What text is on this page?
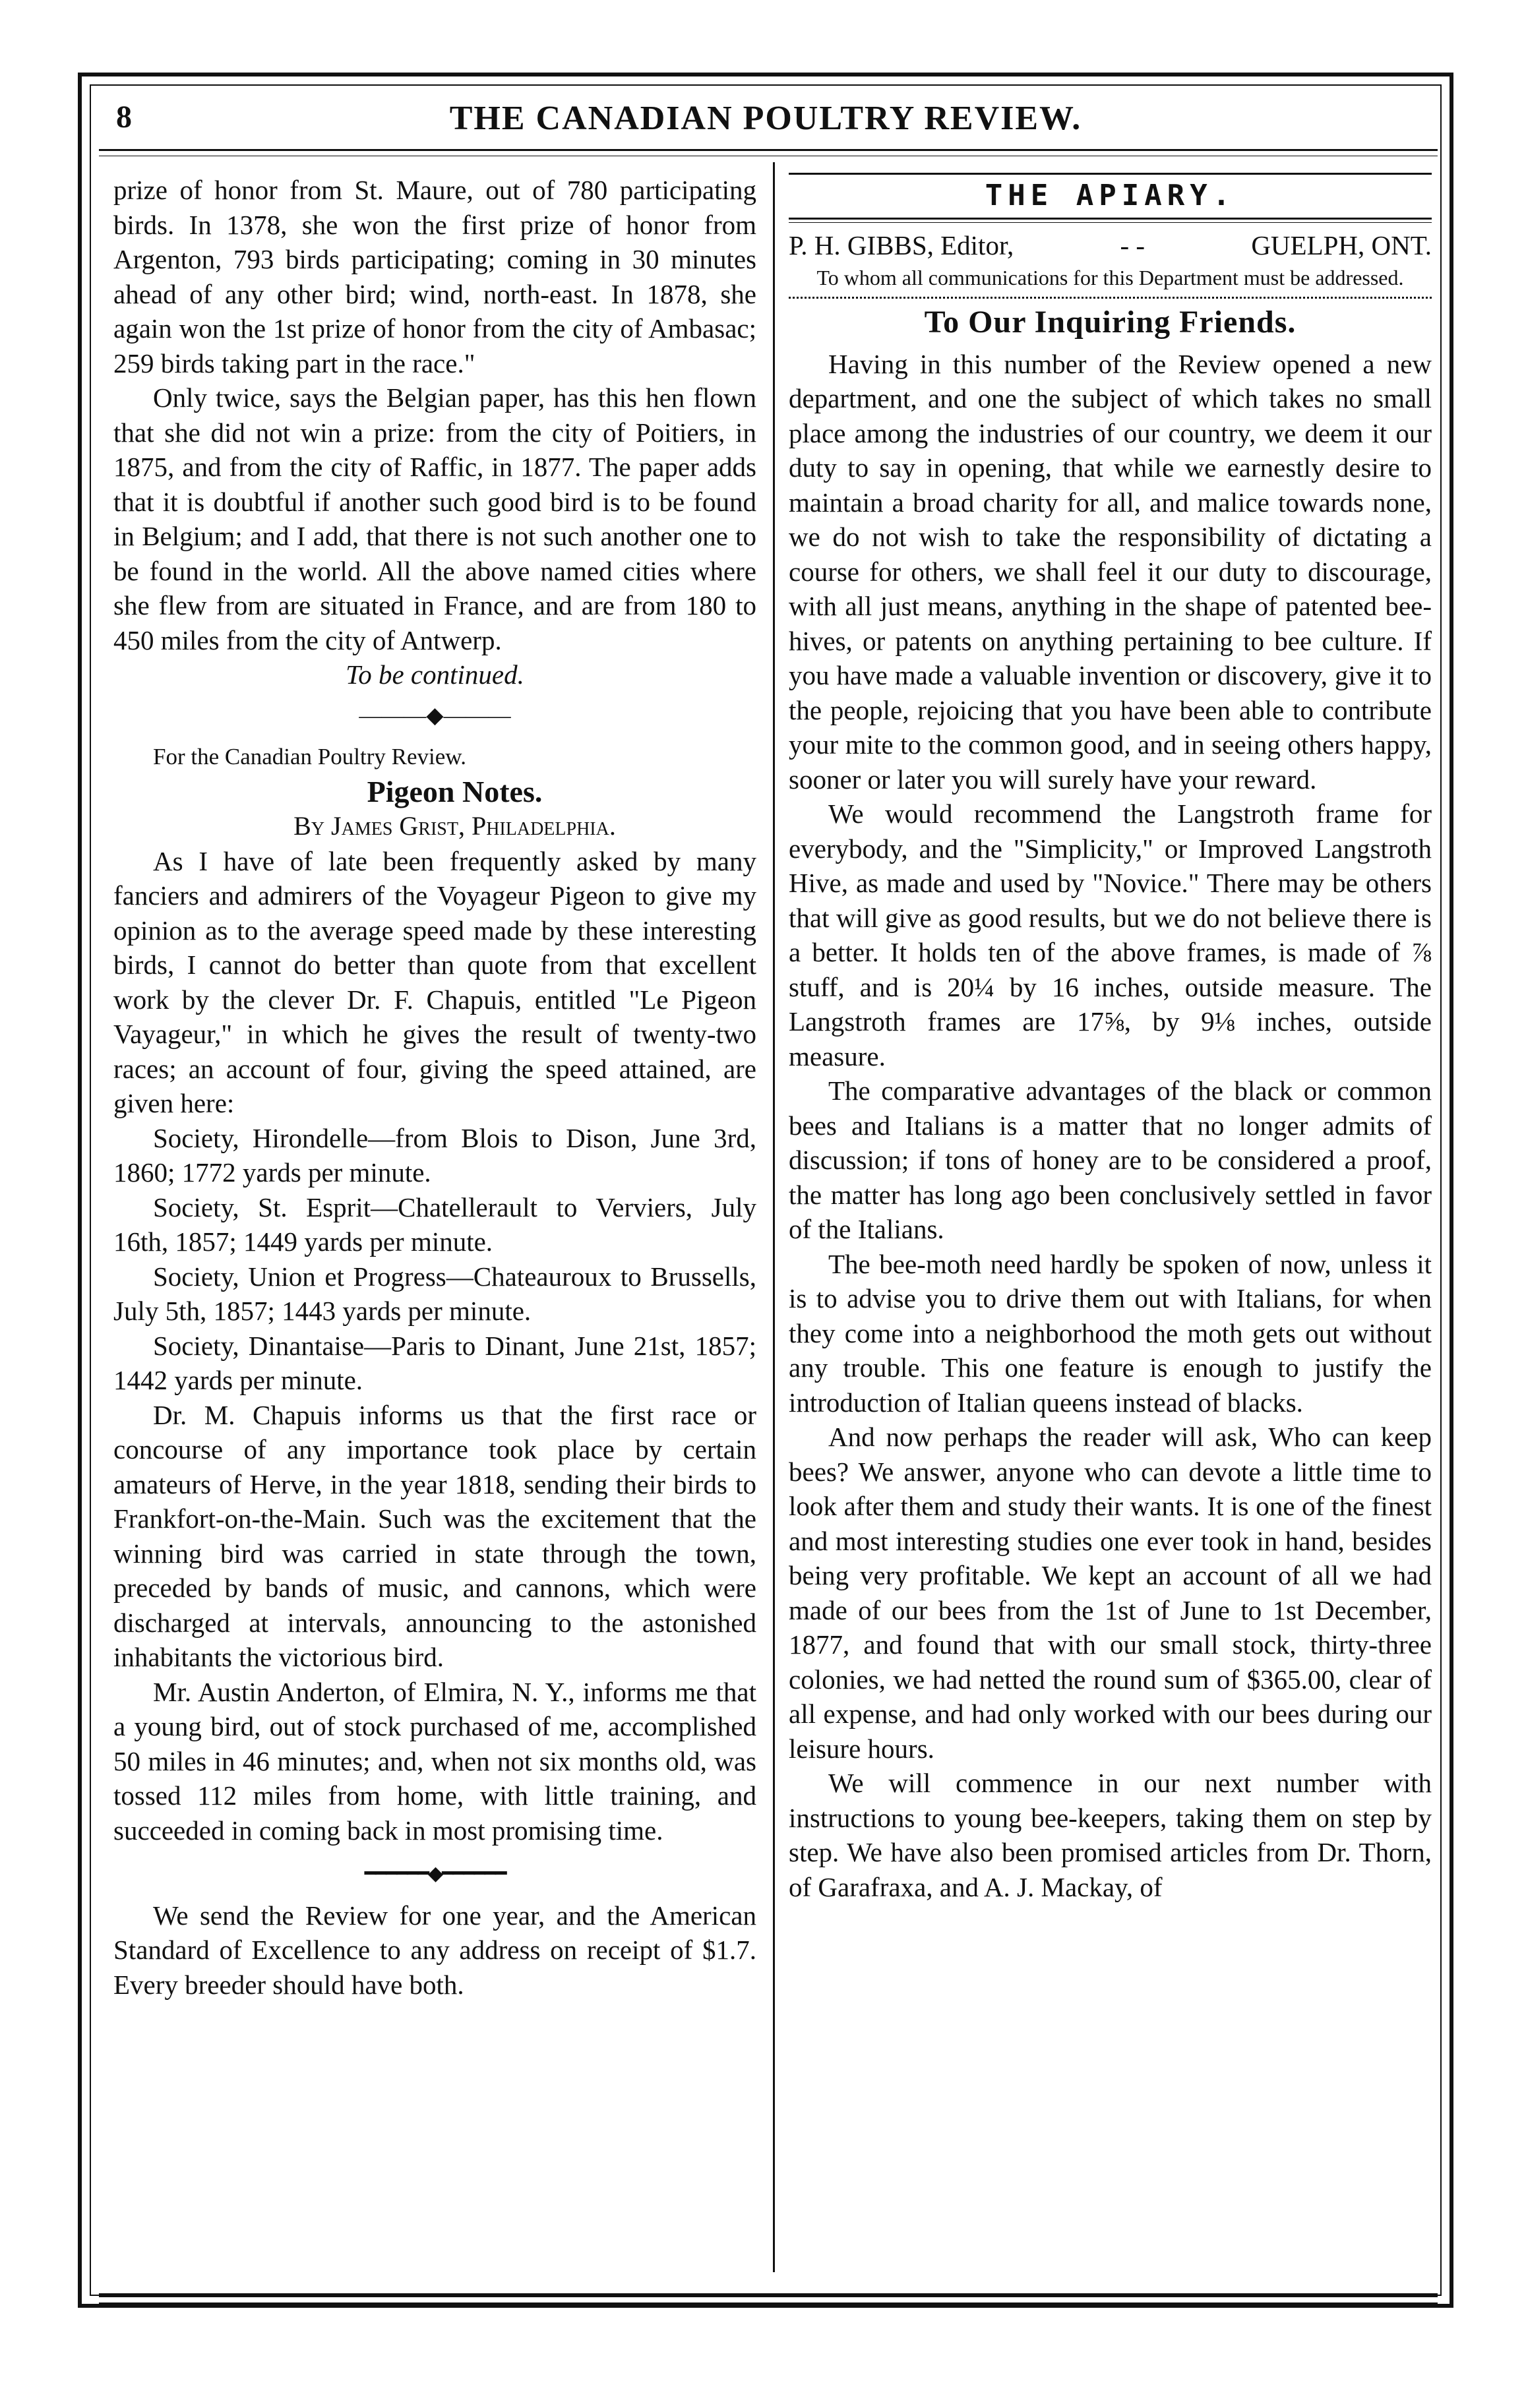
8	THE CANADIAN POULTRY REVIEW.

prize of honor from St. Maure, out of 780 participating birds. In 1378, she won the first prize of honor from Argenton, 793 birds participating; coming in 30 minutes ahead of any other bird; wind, north-east. In 1878, she again won the 1st prize of honor from the city of Ambasac; 259 birds taking part in the race."

Only twice, says the Belgian paper, has this hen flown that she did not win a prize: from the city of Poitiers, in 1875, and from the city of Raffic, in 1877. The paper adds that it is doubtful if another such good bird is to be found in Belgium; and I add, that there is not such another one to be found in the world. All the above named cities where she flew from are situated in France, and are from 180 to 450 miles from the city of Antwerp.

To be continued.

———◆———

For the Canadian Poultry Review.

Pigeon Notes.

By James Grist, Philadelphia.

As I have of late been frequently asked by many fanciers and admirers of the Voyageur Pigeon to give my opinion as to the average speed made by these interesting birds, I cannot do better than quote from that excellent work by the clever Dr. F. Chapuis, entitled "Le Pigeon Vayageur," in which he gives the result of twenty-two races; an account of four, giving the speed attained, are given here:

Society, Hirondelle—from Blois to Dison, June 3rd, 1860; 1772 yards per minute.

Society, St. Esprit—Chatellerault to Verviers, July 16th, 1857; 1449 yards per minute.

Society, Union et Progress—Chateauroux to Brussells, July 5th, 1857; 1443 yards per minute.

Society, Dinantaise—Paris to Dinant, June 21st, 1857; 1442 yards per minute.

Dr. M. Chapuis informs us that the first race or concourse of any importance took place by certain amateurs of Herve, in the year 1818, sending their birds to Frankfort-on-the-Main. Such was the excitement that the winning bird was carried in state through the town, preceded by bands of music, and cannons, which were discharged at intervals, announcing to the astonished inhabitants the victorious bird.

Mr. Austin Anderton, of Elmira, N. Y., informs me that a young bird, out of stock purchased of me, accomplished 50 miles in 46 minutes; and, when not six months old, was tossed 112 miles from home, with little training, and succeeded in coming back in most promising time.

━━━━━━◆━━━━━━

We send the Review for one year, and the American Standard of Excellence to any address on receipt of $1.7. Every breeder should have both.

THE APIARY.
P. H. GIBBS, Editor,	- -	GUELPH, ONT.
To whom all communications for this Department must be addressed.
To Our Inquiring Friends.

Having in this number of the Review opened a new department, and one the subject of which takes no small place among the industries of our country, we deem it our duty to say in opening, that while we earnestly desire to maintain a broad charity for all, and malice towards none, we do not wish to take the responsibility of dictating a course for others, we shall feel it our duty to discourage, with all just means, anything in the shape of patented bee-hives, or patents on anything pertaining to bee culture. If you have made a valuable invention or discovery, give it to the people, rejoicing that you have been able to contribute your mite to the common good, and in seeing others happy, sooner or later you will surely have your reward.

We would recommend the Langstroth frame for everybody, and the "Simplicity," or Improved Langstroth Hive, as made and used by "Novice." There may be others that will give as good results, but we do not believe there is a better. It holds ten of the above frames, is made of ⅞ stuff, and is 20¼ by 16 inches, outside measure. The Langstroth frames are 17⅝, by 9⅛ inches, outside measure.

The comparative advantages of the black or common bees and Italians is a matter that no longer admits of discussion; if tons of honey are to be considered a proof, the matter has long ago been conclusively settled in favor of the Italians.

The bee-moth need hardly be spoken of now, unless it is to advise you to drive them out with Italians, for when they come into a neighborhood the moth gets out without any trouble. This one feature is enough to justify the introduction of Italian queens instead of blacks.

And now perhaps the reader will ask, Who can keep bees? We answer, anyone who can devote a little time to look after them and study their wants. It is one of the finest and most interesting studies one ever took in hand, besides being very profitable. We kept an account of all we had made of our bees from the 1st of June to 1st December, 1877, and found that with our small stock, thirty-three colonies, we had netted the round sum of $365.00, clear of all expense, and had only worked with our bees during our leisure hours.

We will commence in our next number with instructions to young bee-keepers, taking them on step by step. We have also been promised articles from Dr. Thorn, of Garafraxa, and A. J. Mackay, of
